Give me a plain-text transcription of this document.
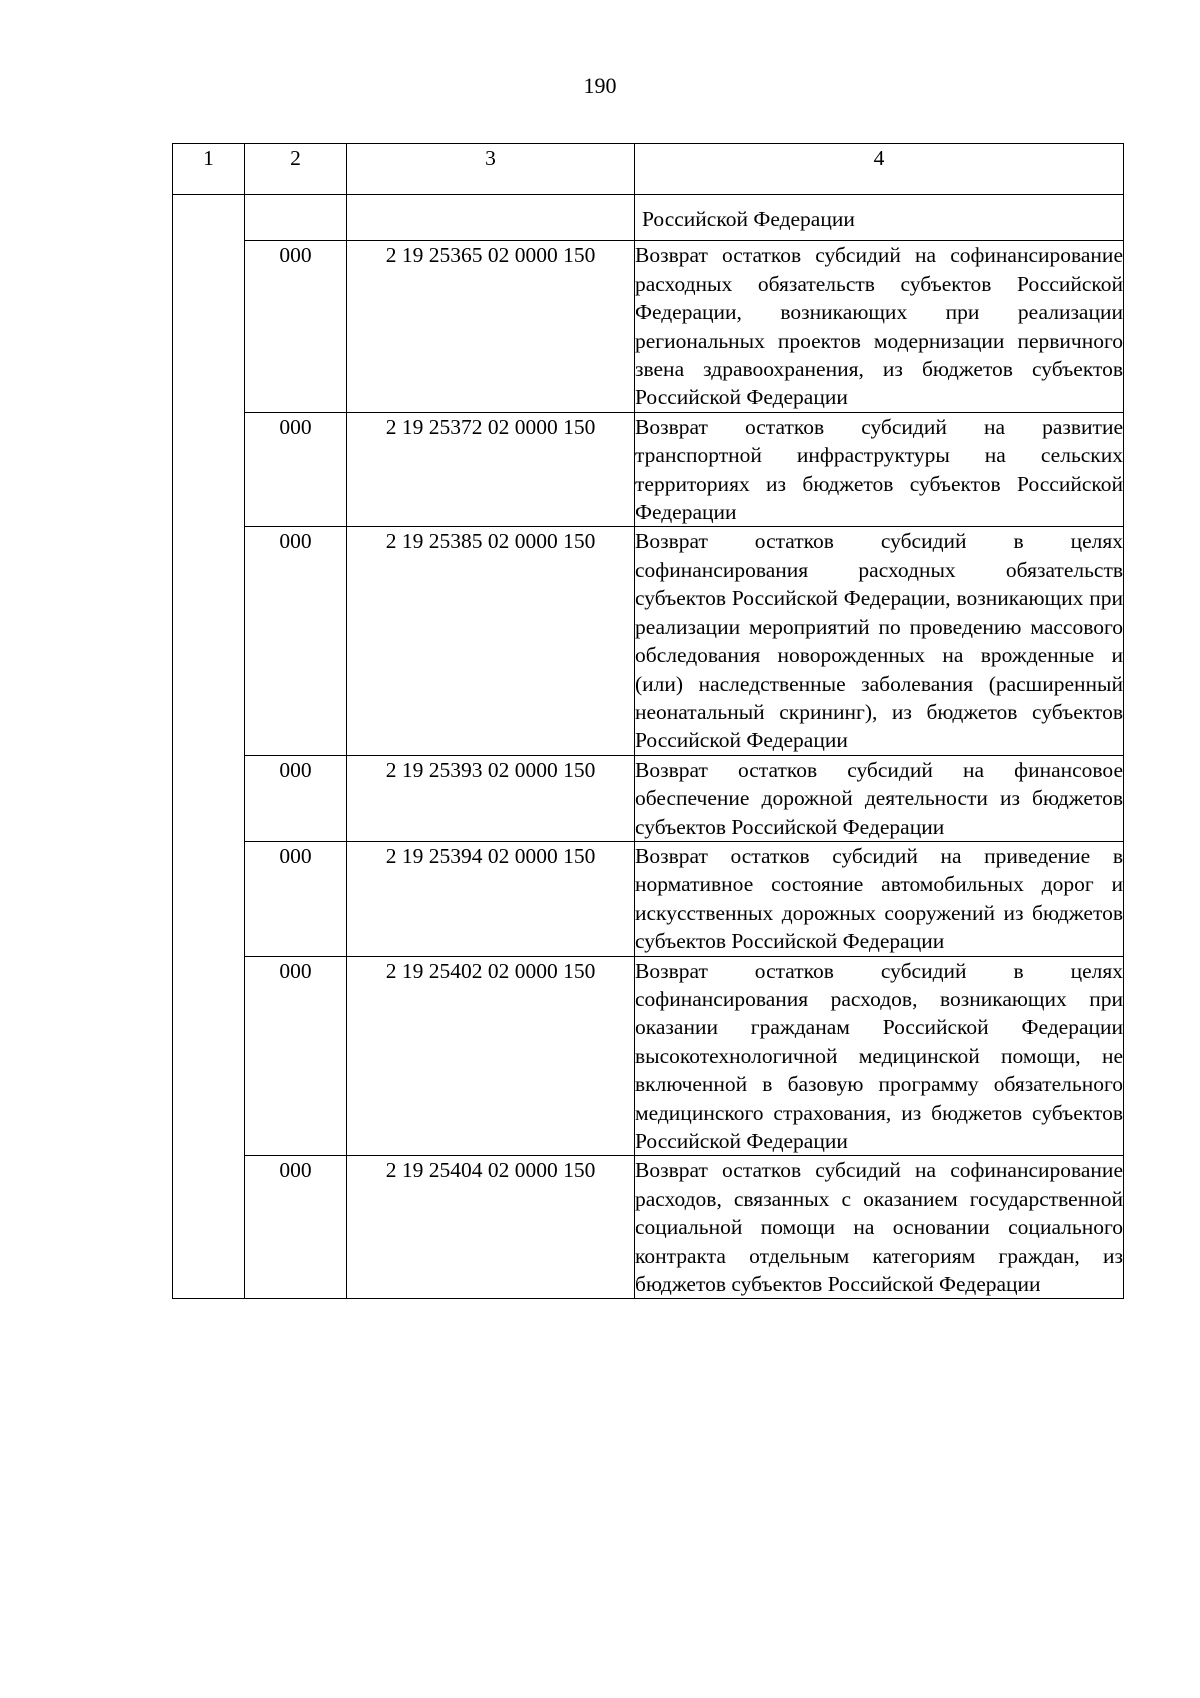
190
1	2	3	4
			Российской Федерации
	000	2 19 25365 02 0000 150	Возврат остатков субсидий на софинансирование расходных обязательств субъектов Российской Федерации, возникающих при реализации региональных проектов модернизации первичного звена здравоохранения, из бюджетов субъектов Российской Федерации
	000	2 19 25372 02 0000 150	Возврат остатков субсидий на развитие транспортной инфраструктуры на сельских территориях из бюджетов субъектов Российской Федерации
	000	2 19 25385 02 0000 150	Возврат остатков субсидий в целях софинансирования расходных обязательств субъектов Российской Федерации, возникающих при реализации мероприятий по проведению массового обследования новорожденных на врожденные и (или) наследственные заболевания (расширенный неонатальный скрининг), из бюджетов субъектов Российской Федерации
	000	2 19 25393 02 0000 150	Возврат остатков субсидий на финансовое обеспечение дорожной деятельности из бюджетов субъектов Российской Федерации
	000	2 19 25394 02 0000 150	Возврат остатков субсидий на приведение в нормативное состояние автомобильных дорог и искусственных дорожных сооружений из бюджетов субъектов Российской Федерации
	000	2 19 25402 02 0000 150	Возврат остатков субсидий в целях софинансирования расходов, возникающих при оказании гражданам Российской Федерации высокотехнологичной медицинской помощи, не включенной в базовую программу обязательного медицинского страхования, из бюджетов субъектов Российской Федерации
	000	2 19 25404 02 0000 150	Возврат остатков субсидий на софинансирование расходов, связанных с оказанием государственной социальной помощи на основании социального контракта отдельным категориям граждан, из бюджетов субъектов Российской Федерации
